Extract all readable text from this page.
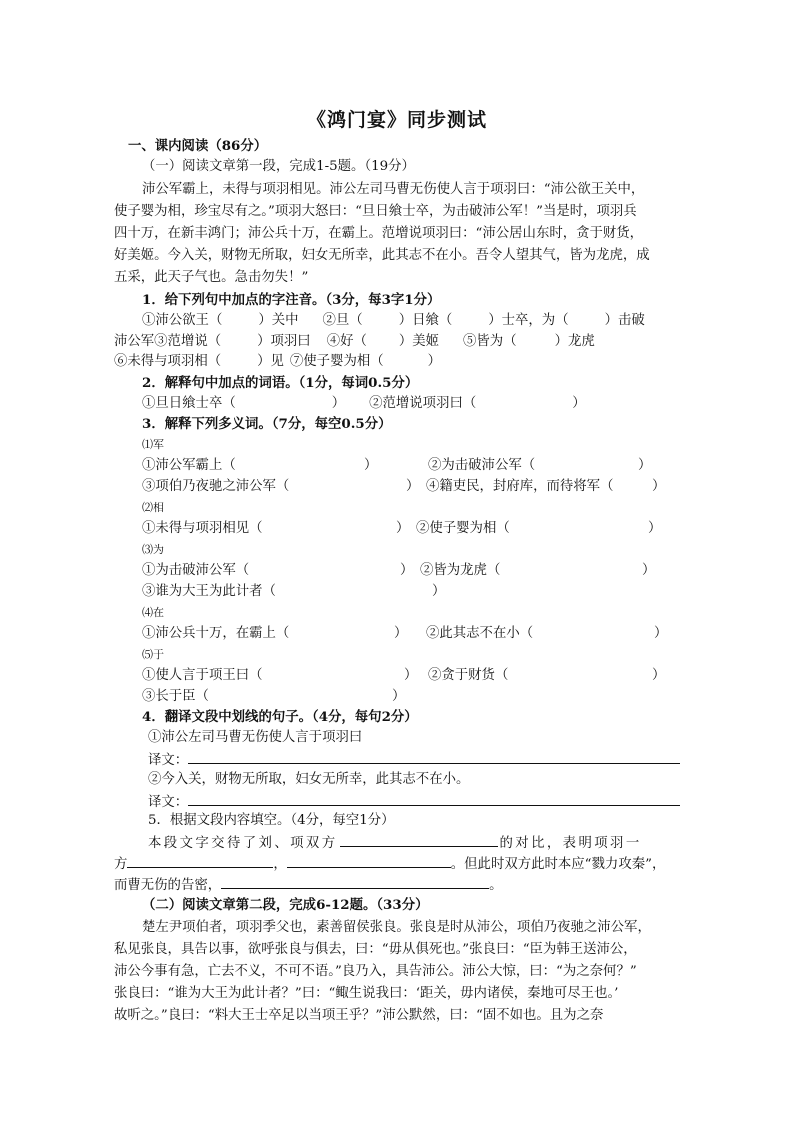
《鸿门宴》同步测试
一、课内阅读（86分）
（一）阅读文章第一段，完成1-5题。（19分）
沛公军霸上，未得与项羽相见。沛公左司马曹无伤使人言于项羽曰：“沛公欲王关中，
使子婴为相，珍宝尽有之。”项羽大怒曰：“旦日飨士卒，为击破沛公军！”当是时，项羽兵
四十万，在新丰鸿门；沛公兵十万，在霸上。范增说项羽曰：“沛公居山东时，贪于财货，
好美姬。今入关，财物无所取，妇女无所幸，此其志不在小。吾令人望其气，皆为龙虎，成
五采，此天子气也。急击勿失！”
1．给下列句中加点的字注音。（3分，每3字1分）
①沛公欲王（	）关中 ②旦（	）日飨（	）士卒，为（	）击破
沛公军③范增说（	）项羽曰 ④好（ ）美姬 ⑤皆为（	）龙虎
⑥未得与项羽相（	）见 ⑦使子婴为相（	）
2．解释句中加点的词语。（1分，每词0.5分）
①旦日飨士卒（	） ②范增说项羽曰（	）
3．解释下列多义词。（7分，每空0.5分）
⑴军
①沛公军霸上（	）	②为击破沛公军（	）
③项伯乃夜驰之沛公军（	） ④籍吏民，封府库，而待将军（	）
⑵相
①未得与项羽相见（	） ②使子婴为相（	）
⑶为
①为击破沛公军（	） ②皆为龙虎（	）
③谁为大王为此计者（	）
⑷在
①沛公兵十万，在霸上（	） ②此其志不在小（	）
⑸于
①使人言于项王曰（	） ②贪于财货（	）
③长于臣（	）
4．翻译文段中划线的句子。（4分，每句2分）
①沛公左司马曹无伤使人言于项羽曰
译文：
②今入关，财物无所取，妇女无所幸，此其志不在小。
译文：
5．根据文段内容填空。（4分，每空1分）
本段文字交待了刘、项双方	的对比，表明项羽一
方	，	。但此时双方此时本应“戮力攻秦”，
而曹无伤的告密，	。
（二）阅读文章第二段，完成6-12题。（33分）
楚左尹项伯者，项羽季父也，素善留侯张良。张良是时从沛公，项伯乃夜驰之沛公军，
私见张良，具告以事，欲呼张良与俱去，曰：“毋从俱死也。”张良曰：“臣为韩王送沛公，
沛公今事有急，亡去不义，不可不语。”良乃入，具告沛公。沛公大惊，曰：“为之奈何？”
张良曰：“谁为大王为此计者？”曰：“鲰生说我曰：‘距关，毋内诸侯，秦地可尽王也。’
故听之。”良曰：“料大王士卒足以当项王乎？”沛公默然，曰：“固不如也。且为之奈
